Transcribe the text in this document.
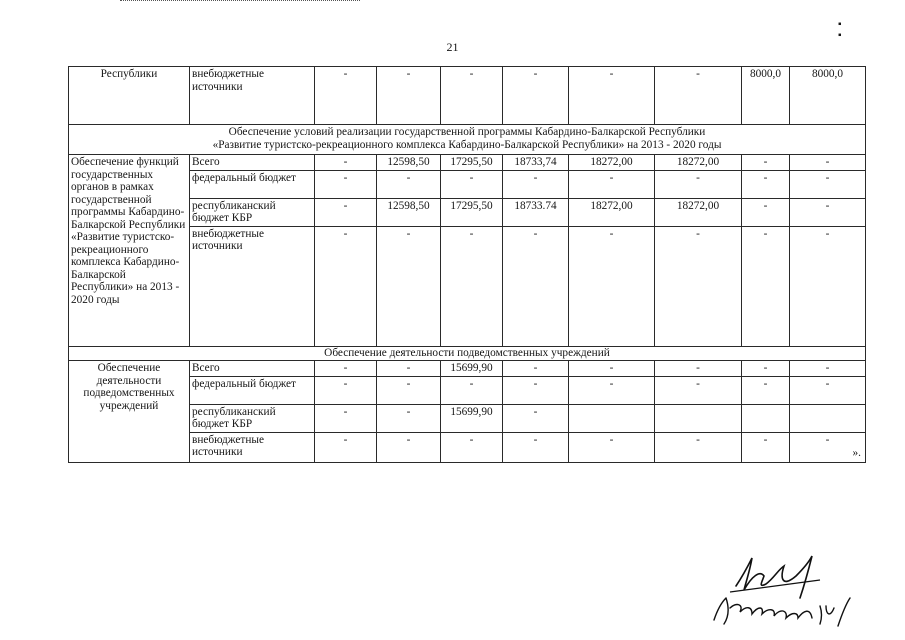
▪ ▪
21
Республики	внебюджетные источники	-	-	-	-	-	-	8000,0	8000,0

Обеспечение условий реализации государственной программы Кабардино-Балкарской Республики
«Развитие туристско-рекреационного комплекса Кабардино-Балкарской Республики» на 2013 - 2020 годы									

Обеспечение функций государственных органов в рамках государственной программы Кабардино-Балкарской Республики «Развитие туристско-рекреационного комплекса Кабардино-Балкарской Республики» на 2013 - 2020 годы	Всего	-	12598,50	17295,50	18733,74	18272,00	18272,00	-	-
	федеральный бюджет	-	-	-	-	-	-	-	-
	республиканский бюджет КБР	-	12598,50	17295,50	18733.74	18272,00	18272,00	-	-
	внебюджетные источники	-	-	-	-	-	-	-	-
Обеспечение деятельности подведомственных учреждений									
Обеспечение деятельности подведомственных учреждений	Всего	-	-	15699,90	-	-	-	-	-
	федеральный бюджет	-	-	-	-	-	-	-	-
	республиканский бюджет КБР	-	-	15699,90	-				
	внебюджетные источники	-	-	-	-	-	-	-	-
».
